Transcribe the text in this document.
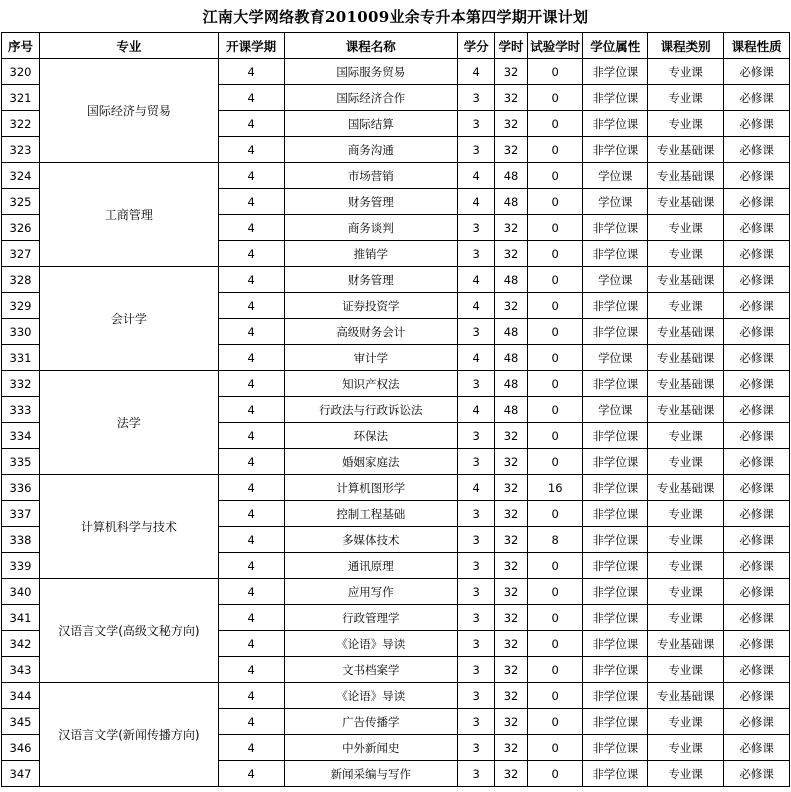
江南大学网络教育201009业余专升本第四学期开课计划
序号	专业	开课学期	课程名称	学分	学时	试验学时	学位属性	课程类别	课程性质
320	国际经济与贸易	4	国际服务贸易	4	32	0	非学位课	专业课	必修课
321		4	国际经济合作	3	32	0	非学位课	专业课	必修课
322		4	国际结算	3	32	0	非学位课	专业课	必修课
323		4	商务沟通	3	32	0	非学位课	专业基础课	必修课
324	工商管理	4	市场营销	4	48	0	学位课	专业基础课	必修课
325		4	财务管理	4	48	0	学位课	专业基础课	必修课
326		4	商务谈判	3	32	0	非学位课	专业课	必修课
327		4	推销学	3	32	0	非学位课	专业课	必修课
328	会计学	4	财务管理	4	48	0	学位课	专业基础课	必修课
329		4	证券投资学	4	32	0	非学位课	专业课	必修课
330		4	高级财务会计	3	48	0	非学位课	专业基础课	必修课
331		4	审计学	4	48	0	学位课	专业基础课	必修课
332	法学	4	知识产权法	3	48	0	非学位课	专业基础课	必修课
333		4	行政法与行政诉讼法	4	48	0	学位课	专业基础课	必修课
334		4	环保法	3	32	0	非学位课	专业课	必修课
335		4	婚姻家庭法	3	32	0	非学位课	专业课	必修课
336	计算机科学与技术	4	计算机图形学	4	32	16	非学位课	专业基础课	必修课
337		4	控制工程基础	3	32	0	非学位课	专业课	必修课
338		4	多媒体技术	3	32	8	非学位课	专业课	必修课
339		4	通讯原理	3	32	0	非学位课	专业课	必修课
340	汉语言文学(高级文秘方向)	4	应用写作	3	32	0	非学位课	专业课	必修课
341		4	行政管理学	3	32	0	非学位课	专业课	必修课
342		4	《论语》导读	3	32	0	非学位课	专业基础课	必修课
343		4	文书档案学	3	32	0	非学位课	专业课	必修课
344	汉语言文学(新闻传播方向)	4	《论语》导读	3	32	0	非学位课	专业基础课	必修课
345		4	广告传播学	3	32	0	非学位课	专业课	必修课
346		4	中外新闻史	3	32	0	非学位课	专业课	必修课
347		4	新闻采编与写作	3	32	0	非学位课	专业课	必修课
